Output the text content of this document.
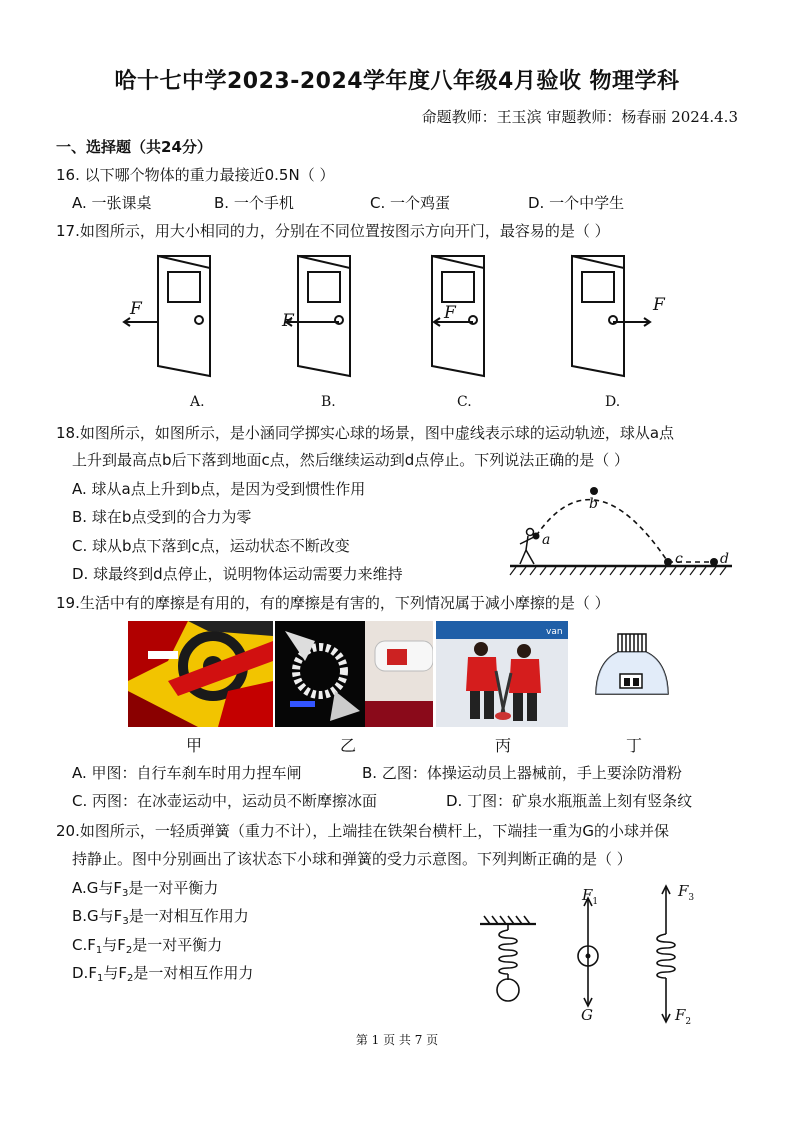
哈十七中学2023-2024学年度八年级4月验收 物理学科
命题教师：王玉滨 审题教师：杨春丽 2024.4.3
一、选择题（共24分）
16. 以下哪个物体的重力最接近0.5N（ ）
A. 一张课桌	B. 一个手机	C. 一个鸡蛋	D. 一个中学生
17.如图所示，用大小相同的力，分别在不同位置按图示方向开门，最容易的是（ ）
F
F	F	F
A.	B.	C.	D.
18.如图所示，如图所示，是小涵同学掷实心球的场景，图中虚线表示球的运动轨迹，球从a点
上升到最高点b后下落到地面c点，然后继续运动到d点停止。下列说法正确的是（ ）
A. 球从a点上升到b点，是因为受到惯性作用
B. 球在b点受到的合力为零
C. 球从b点下落到c点，运动状态不断改变
D. 球最终到d点停止，说明物体运动需要力来维持
a
b
c	d
19.生活中有的摩擦是有用的，有的摩擦是有害的，下列情况属于减小摩擦的是（ ）
van
甲	乙	丙	丁
A. 甲图：自行车刹车时用力捏车闸	B. 乙图：体操运动员上器械前，手上要涂防滑粉
C. 丙图：在冰壶运动中，运动员不断摩擦冰面	D. 丁图：矿泉水瓶瓶盖上刻有竖条纹
20.如图所示，一轻质弹簧（重力不计），上端挂在铁架台横杆上，下端挂一重为G的小球并保
持静止。图中分别画出了该状态下小球和弹簧的受力示意图。下列判断正确的是（ ）
A.G与$F_3$是一对平衡力
B.G与$F_3$是一对相互作用力
$C.F_1$与$F_2$是一对平衡力
$D.F_1$与$F_2$是一对相互作用力
$F_1$
G
$F_3$
$F_2$
第 1 页 共 7 页
